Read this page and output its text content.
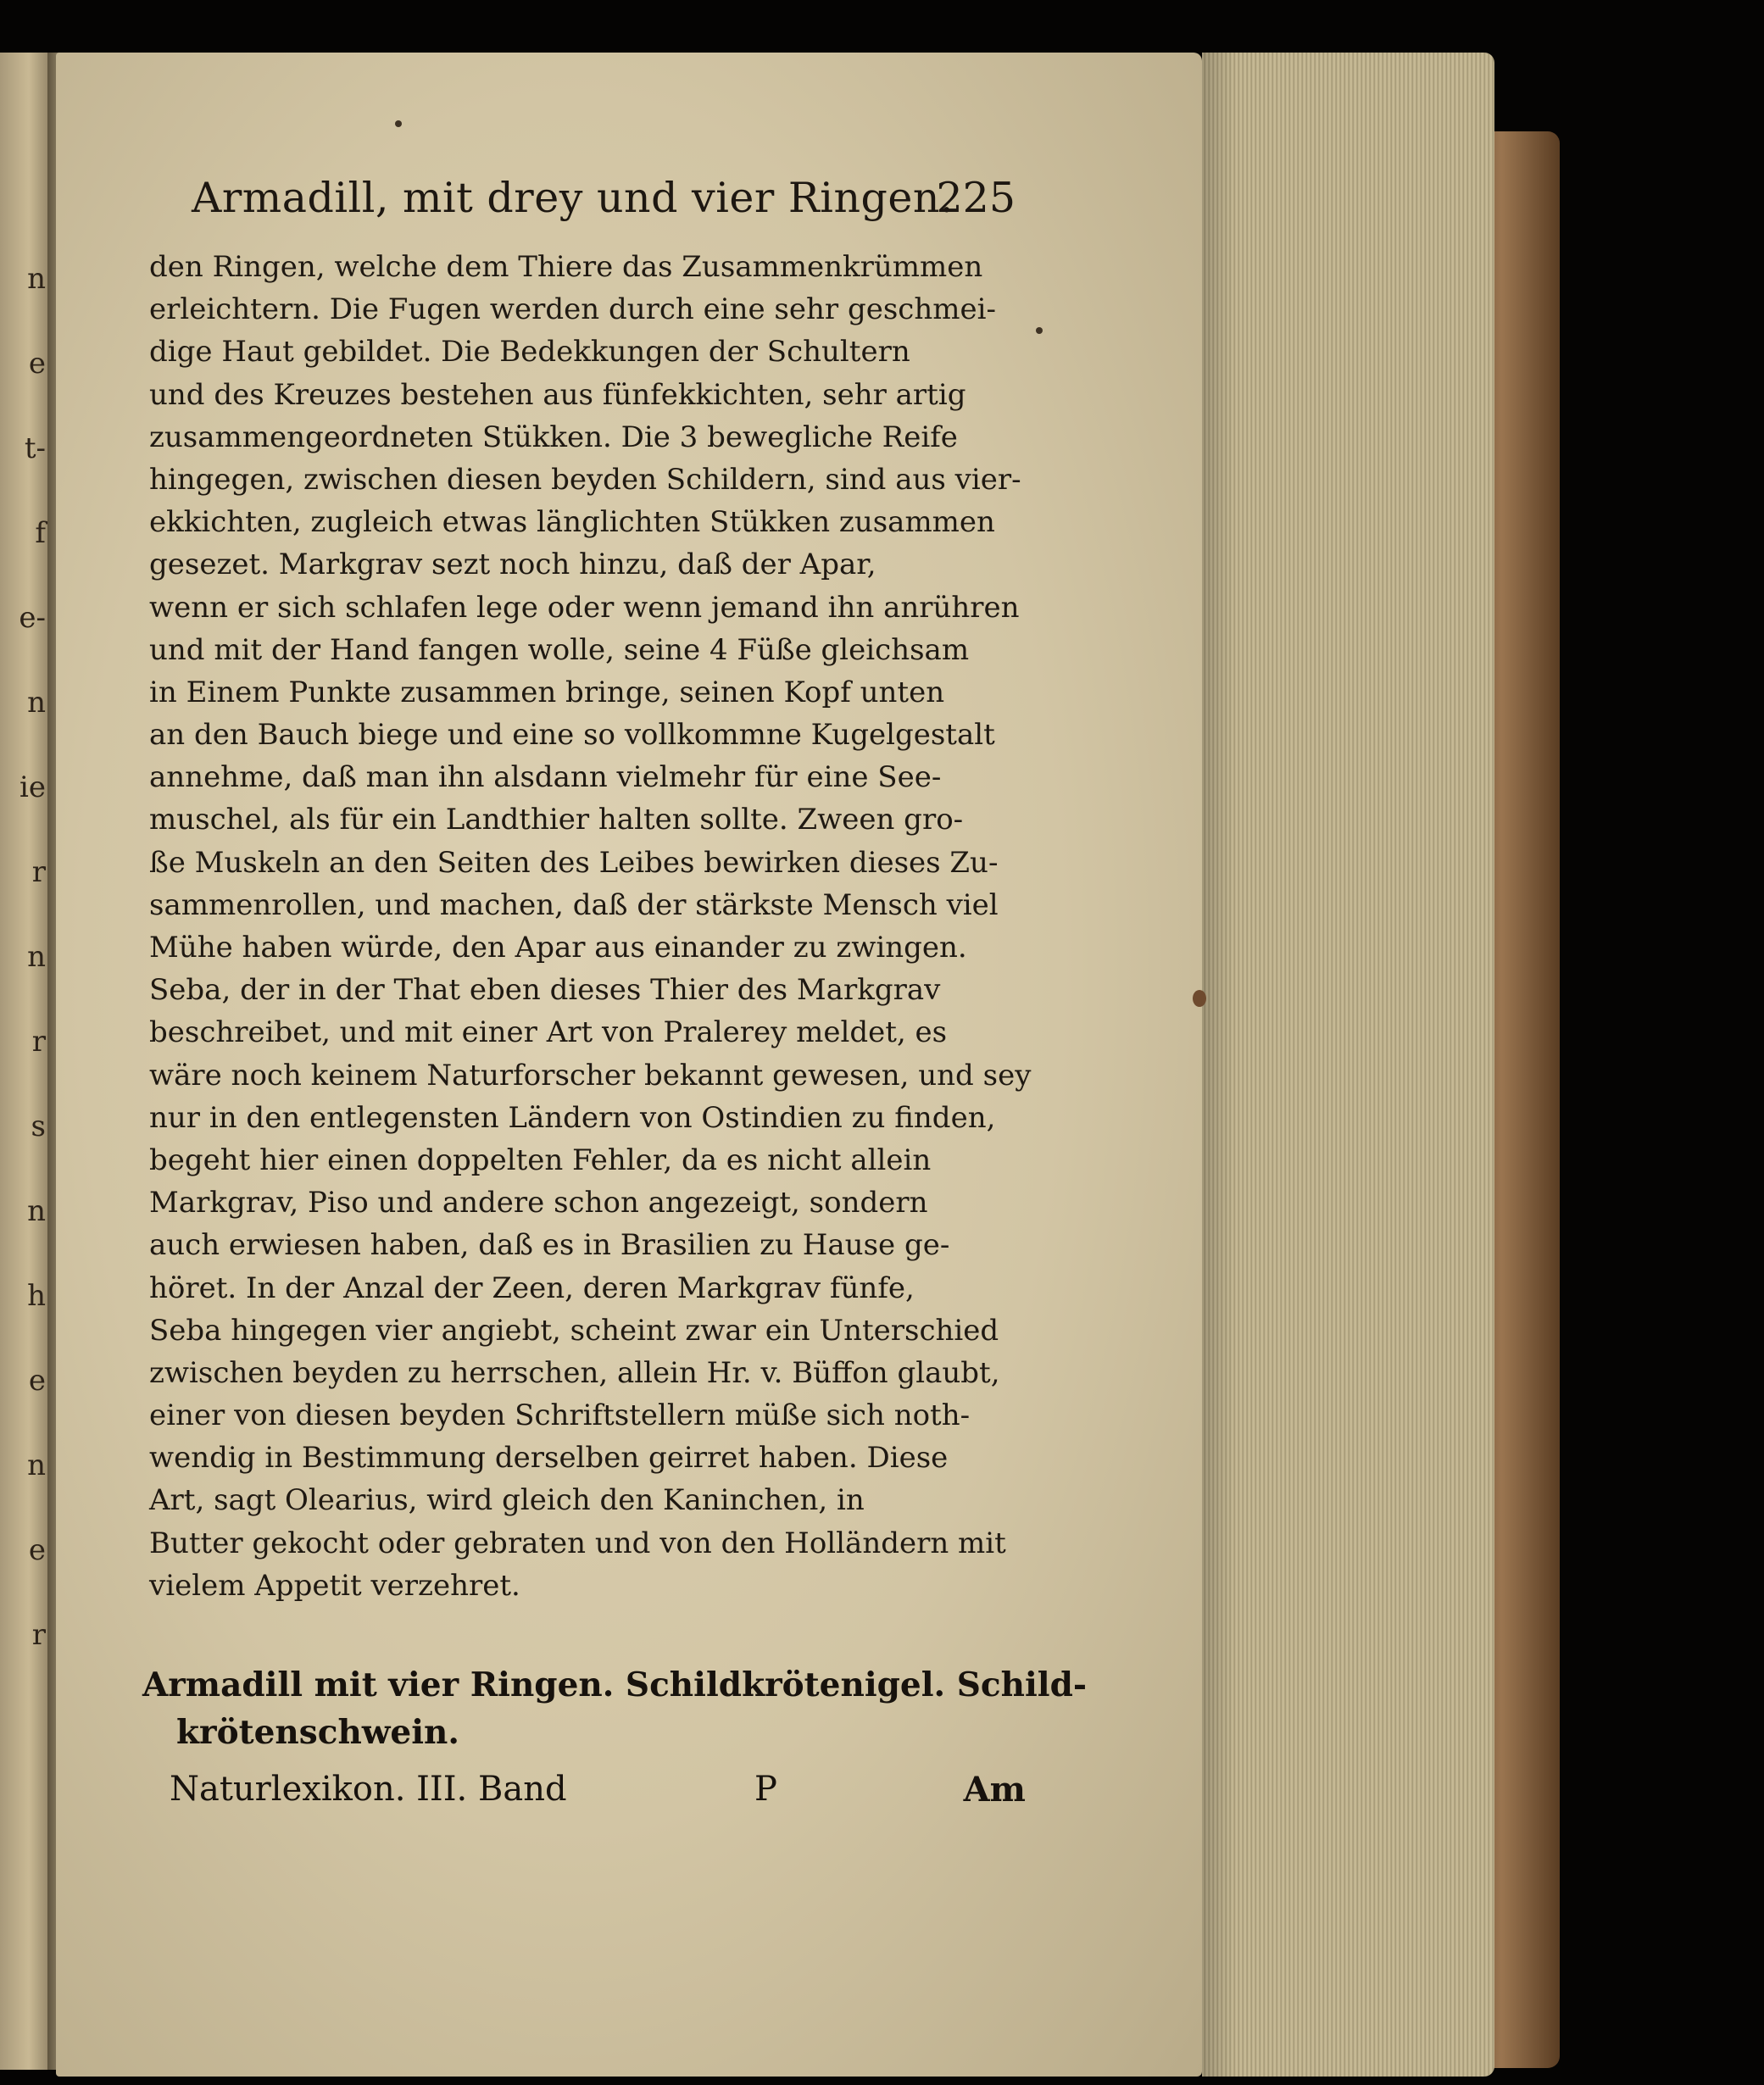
n
e
t-
f
e-
n
ie
r
n
r
s
n
h
e
n
e
r
Armadill, mit drey und vier Ringen.
225
den Ringen, welche dem Thiere das Zusammenkrümmen
erleichtern. Die Fugen werden durch eine sehr geschmei-
dige Haut gebildet. Die Bedekkungen der Schultern
und des Kreuzes bestehen aus fünfekkichten, sehr artig
zusammengeordneten Stükken. Die 3 bewegliche Reife
hingegen, zwischen diesen beyden Schildern, sind aus vier-
ekkichten, zugleich etwas länglichten Stükken zusammen
gesezet. Markgrav sezt noch hinzu, daß der Apar,
wenn er sich schlafen lege oder wenn jemand ihn anrühren
und mit der Hand fangen wolle, seine 4 Füße gleichsam
in Einem Punkte zusammen bringe, seinen Kopf unten
an den Bauch biege und eine so vollkommne Kugelgestalt
annehme, daß man ihn alsdann vielmehr für eine See-
muschel, als für ein Landthier halten sollte. Zween gro-
ße Muskeln an den Seiten des Leibes bewirken dieses Zu-
sammenrollen, und machen, daß der stärkste Mensch viel
Mühe haben würde, den Apar aus einander zu zwingen.
Seba, der in der That eben dieses Thier des Markgrav
beschreibet, und mit einer Art von Pralerey meldet, es
wäre noch keinem Naturforscher bekannt gewesen, und sey
nur in den entlegensten Ländern von Ostindien zu finden,
begeht hier einen doppelten Fehler, da es nicht allein
Markgrav, Piso und andere schon angezeigt, sondern
auch erwiesen haben, daß es in Brasilien zu Hause ge-
höret. In der Anzal der Zeen, deren Markgrav fünfe,
Seba hingegen vier angiebt, scheint zwar ein Unterschied
zwischen beyden zu herrschen, allein Hr. v. Büffon glaubt,
einer von diesen beyden Schriftstellern müße sich noth-
wendig in Bestimmung derselben geirret haben. Diese
Art, sagt Olearius, wird gleich den Kaninchen, in
Butter gekocht oder gebraten und von den Holländern mit
vielem Appetit verzehret.
Armadill mit vier Ringen. Schildkrötenigel. Schild-
krötenschwein.
Naturlexikon. III. Band	P	Am
